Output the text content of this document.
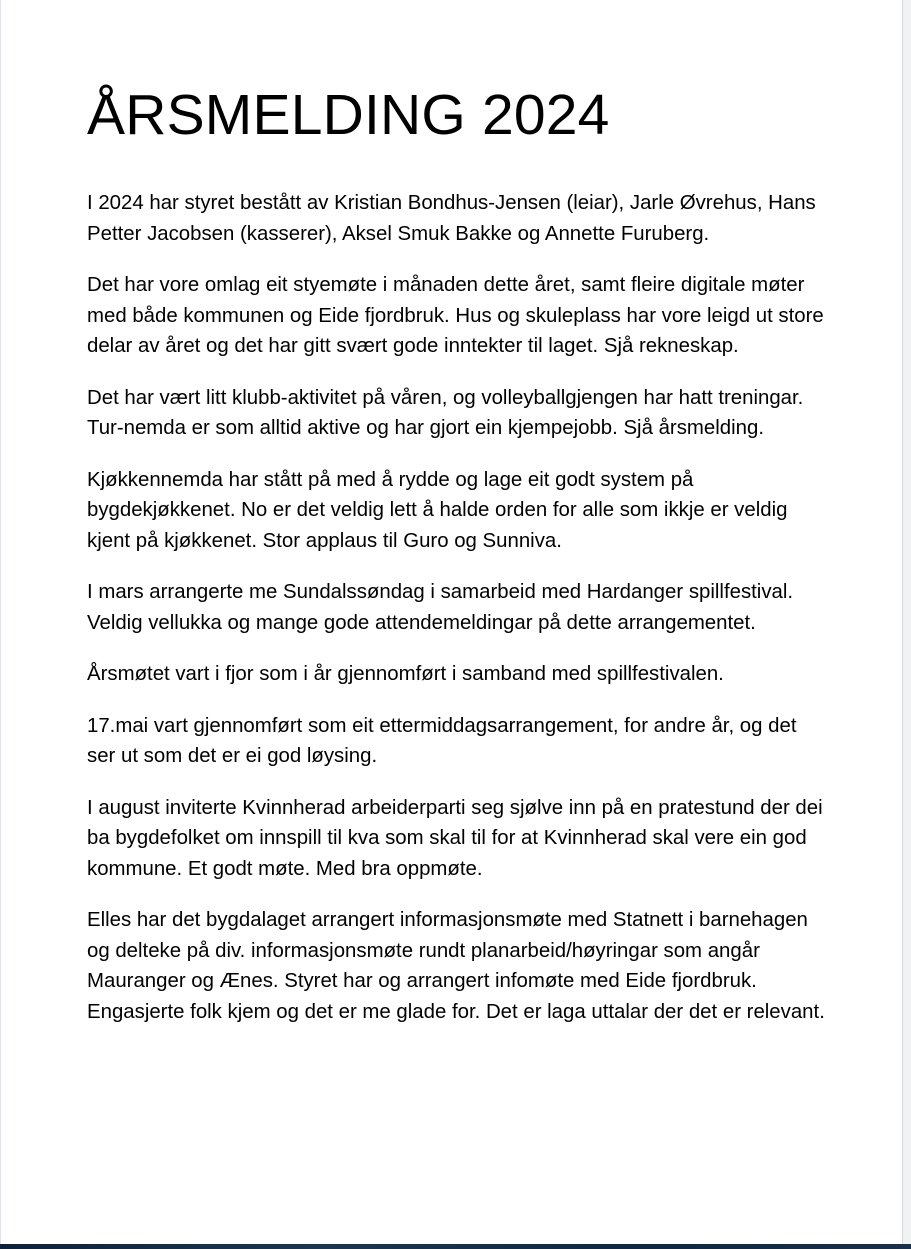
ÅRSMELDING 2024

I 2024 har styret bestått av Kristian Bondhus-Jensen (leiar), Jarle Øvrehus, Hans Petter Jacobsen (kasserer), Aksel Smuk Bakke og Annette Furuberg.

Det har vore omlag eit styemøte i månaden dette året, samt fleire digitale møter med både kommunen og Eide fjordbruk. Hus og skuleplass har vore leigd ut store delar av året og det har gitt svært gode inntekter til laget. Sjå rekneskap.

Det har vært litt klubb-aktivitet på våren, og volleyballgjengen har hatt treningar. Tur-nemda er som alltid aktive og har gjort ein kjempejobb. Sjå årsmelding.

Kjøkkennemda har stått på med å rydde og lage eit godt system på bygdekjøkkenet. No er det veldig lett å halde orden for alle som ikkje er veldig kjent på kjøkkenet. Stor applaus til Guro og Sunniva.

I mars arrangerte me Sundalssøndag i samarbeid med Hardanger spillfestival. Veldig vellukka og mange gode attendemeldingar på dette arrangementet.

Årsmøtet vart i fjor som i år gjennomført i samband med spillfestivalen.

17.mai vart gjennomført som eit ettermiddagsarrangement, for andre år, og det ser ut som det er ei god løysing.

I august inviterte Kvinnherad arbeiderparti seg sjølve inn på en pratestund der dei ba bygdefolket om innspill til kva som skal til for at Kvinnherad skal vere ein god kommune. Et godt møte. Med bra oppmøte.

Elles har det bygdalaget arrangert informasjonsmøte med Statnett i barnehagen og delteke på div. informasjonsmøte rundt planarbeid/høyringar som angår Mauranger og Ænes. Styret har og arrangert infomøte med Eide fjordbruk. Engasjerte folk kjem og det er me glade for. Det er laga uttalar der det er relevant.
